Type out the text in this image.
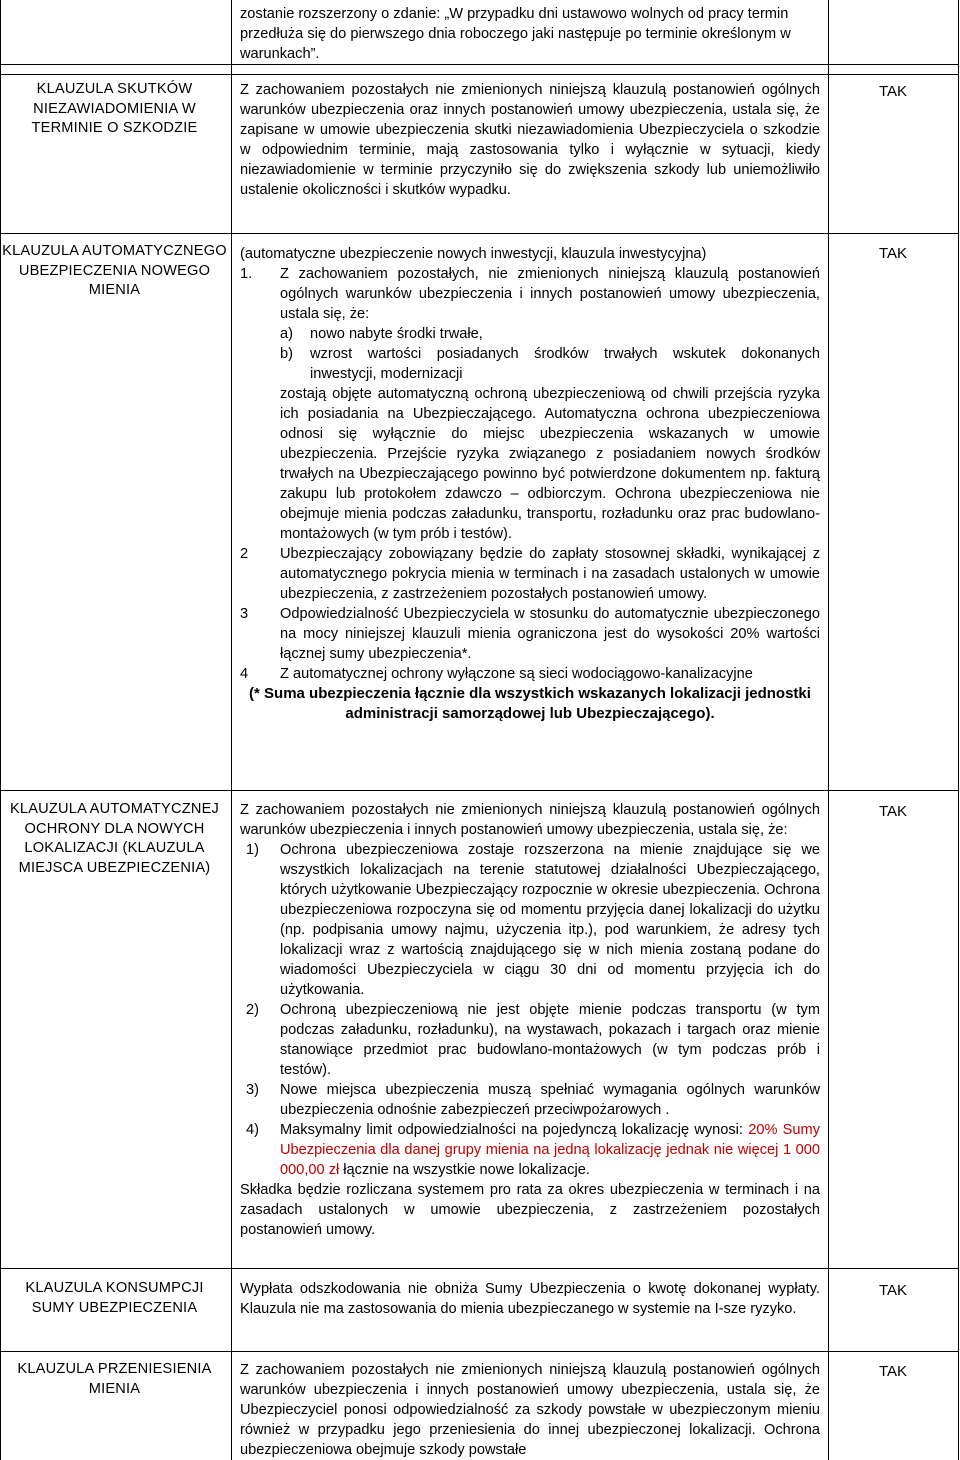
zostanie rozszerzony o zdanie: „W przypadku dni ustawowo wolnych od pracy termin przedłuża się do pierwszego dnia roboczego jaki następuje po terminie określonym w warunkach”.

KLAUZULA SKUTKÓW NIEZAWIADOMIENIA W TERMINIE O SZKODZIE

Z zachowaniem pozostałych nie zmienionych niniejszą klauzulą postanowień ogólnych warunków ubezpieczenia oraz innych postanowień umowy ubezpieczenia, ustala się, że zapisane w umowie ubezpieczenia skutki niezawiadomienia Ubezpieczyciela o szkodzie w odpowiednim terminie, mają zastosowania tylko i wyłącznie w sytuacji, kiedy niezawiadomienie w terminie przyczyniło się do zwiększenia szkody lub uniemożliwiło ustalenie okoliczności i skutków wypadku.

TAK
KLAUZULA AUTOMATYCZNEGO UBEZPIECZENIA NOWEGO MIENIA

(automatyczne ubezpieczenie nowych inwestycji, klauzula inwestycyjna)

1. Z zachowaniem pozostałych, nie zmienionych niniejszą klauzulą postanowień ogólnych warunków ubezpieczenia i innych postanowień umowy ubezpieczenia, ustala się, że:
a) nowo nabyte środki trwałe,
b) wzrost wartości posiadanych środków trwałych wskutek dokonanych inwestycji, modernizacji

zostają objęte automatyczną ochroną ubezpieczeniową od chwili przejścia ryzyka ich posiadania na Ubezpieczającego. Automatyczna ochrona ubezpieczeniowa odnosi się wyłącznie do miejsc ubezpieczenia wskazanych w umowie ubezpieczenia. Przejście ryzyka związanego z posiadaniem nowych środków trwałych na Ubezpieczającego powinno być potwierdzone dokumentem np. fakturą zakupu lub protokołem zdawczo – odbiorczym. Ochrona ubezpieczeniowa nie obejmuje mienia podczas załadunku, transportu, rozładunku oraz prac budowlano-montażowych (w tym prób i testów).

2 Ubezpieczający zobowiązany będzie do zapłaty stosownej składki, wynikającej z automatycznego pokrycia mienia w terminach i na zasadach ustalonych w umowie ubezpieczenia, z zastrzeżeniem pozostałych postanowień umowy.
3 Odpowiedzialność Ubezpieczyciela w stosunku do automatycznie ubezpieczonego na mocy niniejszej klauzuli mienia ograniczona jest do wysokości 20% wartości łącznej sumy ubezpieczenia*.
4 Z automatycznej ochrony wyłączone są sieci wodociągowo-kanalizacyjne

(* Suma ubezpieczenia łącznie dla wszystkich wskazanych lokalizacji jednostki administracji samorządowej lub Ubezpieczającego).

TAK
KLAUZULA AUTOMATYCZNEJ OCHRONY DLA NOWYCH LOKALIZACJI (KLAUZULA MIEJSCA UBEZPIECZENIA)

Z zachowaniem pozostałych nie zmienionych niniejszą klauzulą postanowień ogólnych warunków ubezpieczenia i innych postanowień umowy ubezpieczenia, ustala się, że:

1) Ochrona ubezpieczeniowa zostaje rozszerzona na mienie znajdujące się we wszystkich lokalizacjach na terenie statutowej działalności Ubezpieczającego, których użytkowanie Ubezpieczający rozpocznie w okresie ubezpieczenia. Ochrona ubezpieczeniowa rozpoczyna się od momentu przyjęcia danej lokalizacji do użytku (np. podpisania umowy najmu, użyczenia itp.), pod warunkiem, że adresy tych lokalizacji wraz z wartością znajdującego się w nich mienia zostaną podane do wiadomości Ubezpieczyciela w ciągu 30 dni od momentu przyjęcia ich do użytkowania.
2) Ochroną ubezpieczeniową nie jest objęte mienie podczas transportu (w tym podczas załadunku, rozładunku), na wystawach, pokazach i targach oraz mienie stanowiące przedmiot prac budowlano-montażowych (w tym podczas prób i testów).
3) Nowe miejsca ubezpieczenia muszą spełniać wymagania ogólnych warunków ubezpieczenia odnośnie zabezpieczeń przeciwpożarowych .
4) Maksymalny limit odpowiedzialności na pojedynczą lokalizację wynosi: 20% Sumy Ubezpieczenia dla danej grupy mienia na jedną lokalizację jednak nie więcej 1 000 000,00 zł łącznie na wszystkie nowe lokalizacje.

Składka będzie rozliczana systemem pro rata za okres ubezpieczenia w terminach i na zasadach ustalonych w umowie ubezpieczenia, z zastrzeżeniem pozostałych postanowień umowy.

TAK
KLAUZULA KONSUMPCJI SUMY UBEZPIECZENIA

Wypłata odszkodowania nie obniża Sumy Ubezpieczenia o kwotę dokonanej wypłaty. Klauzula nie ma zastosowania do mienia ubezpieczanego w systemie na I-sze ryzyko.

TAK
KLAUZULA PRZENIESIENIA MIENIA

Z zachowaniem pozostałych nie zmienionych niniejszą klauzulą postanowień ogólnych warunków ubezpieczenia i innych postanowień umowy ubezpieczenia, ustala się, że Ubezpieczyciel ponosi odpowiedzialność za szkody powstałe w ubezpieczonym mieniu również w przypadku jego przeniesienia do innej ubezpieczonej lokalizacji. Ochrona ubezpieczeniowa obejmuje szkody powstałe

TAK
